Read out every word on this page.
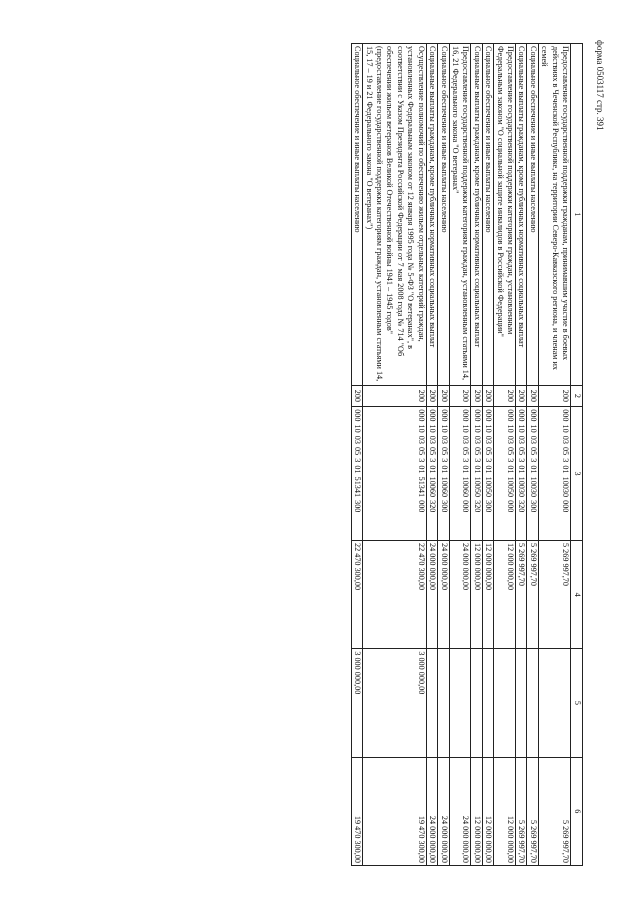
форма 0503117 стр. 391
1	2	3	4	5	6
Предоставление государственной поддержки гражданам, принимавшим участие в боевых действиях в Чеченской Республике, на территории Северо-Кавказского региона, и членам их семей	200	000 10 03 05 3 01 10030 000	5 269 997,70		5 269 997,70
Социальное обеспечение и иные выплаты населению	200	000 10 03 05 3 01 10030 300	5 269 997,70		5 269 997,70
Социальные выплаты гражданам, кроме публичных нормативных социальных выплат	200	000 10 03 05 3 01 10030 320	5 269 997,70		5 269 997,70
Предоставление государственной поддержки категориям граждан, установленным Федеральным законом "О социальной защите инвалидов в Российской Федерации"	200	000 10 03 05 3 01 10050 000	12 000 000,00		12 000 000,00
Социальное обеспечение и иные выплаты населению	200	000 10 03 05 3 01 10050 300	12 000 000,00		12 000 000,00
Социальные выплаты гражданам, кроме публичных нормативных социальных выплат	200	000 10 03 05 3 01 10050 320	12 000 000,00		12 000 000,00
Предоставление государственной поддержки категориям граждан, установленным статьями 14, 16, 21 Федерального закона "О ветеранах"	200	000 10 03 05 3 01 10060 000	24 000 000,00		24 000 000,00
Социальное обеспечение и иные выплаты населению	200	000 10 03 05 3 01 10060 300	24 000 000,00		24 000 000,00
Социальные выплаты гражданам, кроме публичных нормативных социальных выплат	200	000 10 03 05 3 01 10060 320	24 000 000,00		24 000 000,00
Осуществление полномочий по обеспечению жильем отдельных категорий граждан, установленных Федеральным законом от 12 января 1995 года № 5-ФЗ "О ветеранах", в соответствии с Указом Президента Российской Федерации от 7 мая 2008 года № 714 "Об обеспечении жильем ветеранов Великой Отечественной войны 1941 – 1945 годов" (предоставление государственной поддержки категориям граждан, установленным статьями 14, 15, 17 – 19 и 21 Федерального закона "О ветеранах")	200	000 10 03 05 3 01 51341 000	22 470 300,00	3 000 000,00	19 470 300,00
Социальное обеспечение и иные выплаты населению	200	000 10 03 05 3 01 51341 300	22 470 300,00	3 000 000,00	19 470 300,00
